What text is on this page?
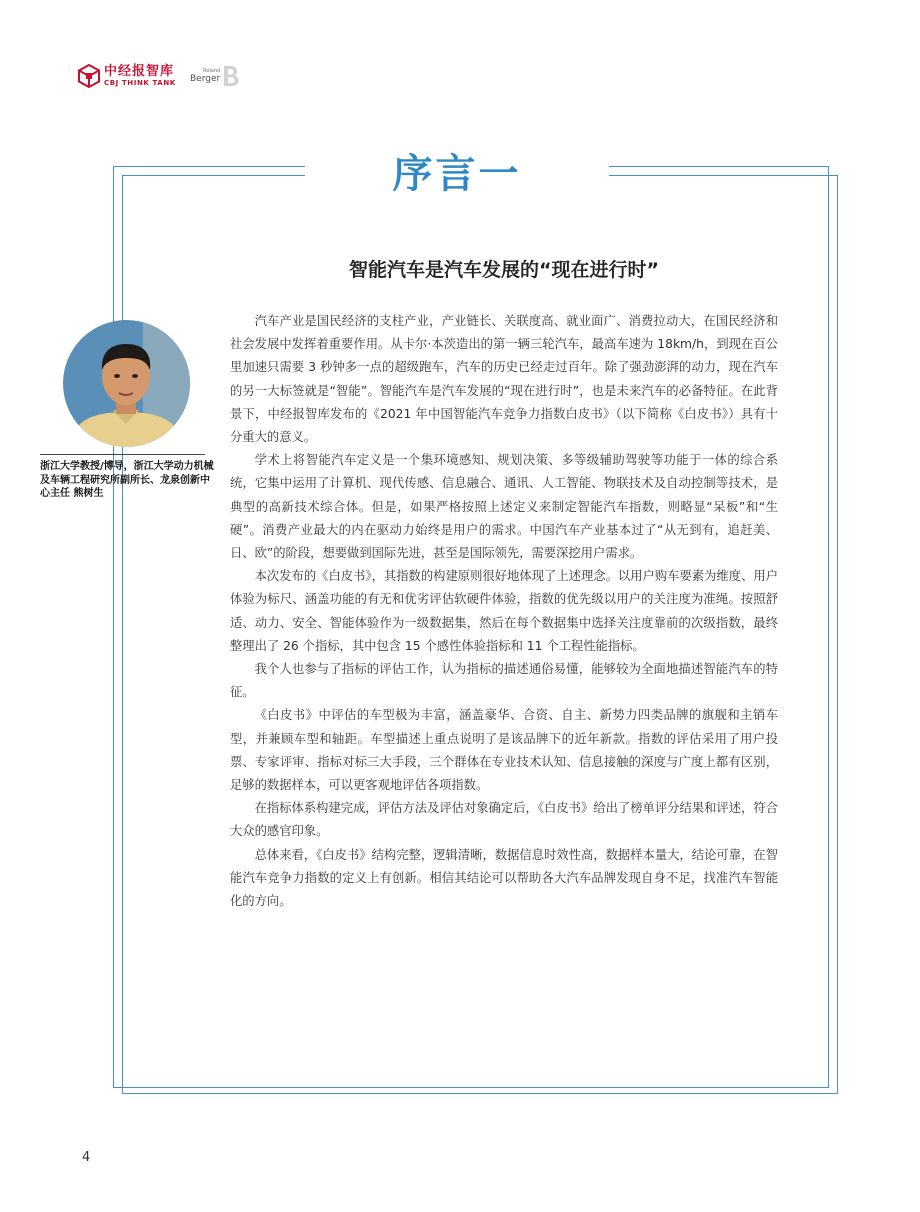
中经报智库
CBJ THINK TANK
Roland
Berger
序言一
智能汽车是汽车发展的“现在进行时”
浙江大学教授/博导，浙江大学动力机械及车辆工程研究所副所长、龙泉创新中心主任 熊树生

汽车产业是国民经济的支柱产业，产业链长、关联度高、就业面广、消费拉动大，在国民经济和社会发展中发挥着重要作用。从卡尔·本茨造出的第一辆三轮汽车，最高车速为 18km/h，到现在百公里加速只需要 3 秒钟多一点的超级跑车，汽车的历史已经走过百年。除了强劲澎湃的动力，现在汽车的另一大标签就是“智能”。智能汽车是汽车发展的“现在进行时”，也是未来汽车的必备特征。在此背景下，中经报智库发布的《2021 年中国智能汽车竞争力指数白皮书》（以下简称《白皮书》）具有十分重大的意义。

学术上将智能汽车定义是一个集环境感知、规划决策、多等级辅助驾驶等功能于一体的综合系统，它集中运用了计算机、现代传感、信息融合、通讯、人工智能、物联技术及自动控制等技术，是典型的高新技术综合体。但是，如果严格按照上述定义来制定智能汽车指数，则略显“呆板”和“生硬”。消费产业最大的内在驱动力始终是用户的需求。中国汽车产业基本过了“从无到有，追赶美、日、欧”的阶段，想要做到国际先进，甚至是国际领先，需要深挖用户需求。

本次发布的《白皮书》，其指数的构建原则很好地体现了上述理念。以用户购车要素为维度、用户体验为标尺、涵盖功能的有无和优劣评估软硬件体验，指数的优先级以用户的关注度为准绳。按照舒适、动力、安全、智能体验作为一级数据集，然后在每个数据集中选择关注度靠前的次级指数，最终整理出了 26 个指标，其中包含 15 个感性体验指标和 11 个工程性能指标。

我个人也参与了指标的评估工作，认为指标的描述通俗易懂，能够较为全面地描述智能汽车的特征。

《白皮书》中评估的车型极为丰富，涵盖豪华、合资、自主、新势力四类品牌的旗舰和主销车型，并兼顾车型和轴距。车型描述上重点说明了是该品牌下的近年新款。指数的评估采用了用户投票、专家评审、指标对标三大手段，三个群体在专业技术认知、信息接触的深度与广度上都有区别，足够的数据样本，可以更客观地评估各项指数。

在指标体系构建完成，评估方法及评估对象确定后，《白皮书》给出了榜单评分结果和评述，符合大众的感官印象。

总体来看，《白皮书》结构完整，逻辑清晰，数据信息时效性高，数据样本量大，结论可靠，在智能汽车竞争力指数的定义上有创新。相信其结论可以帮助各大汽车品牌发现自身不足，找准汽车智能化的方向。

4
